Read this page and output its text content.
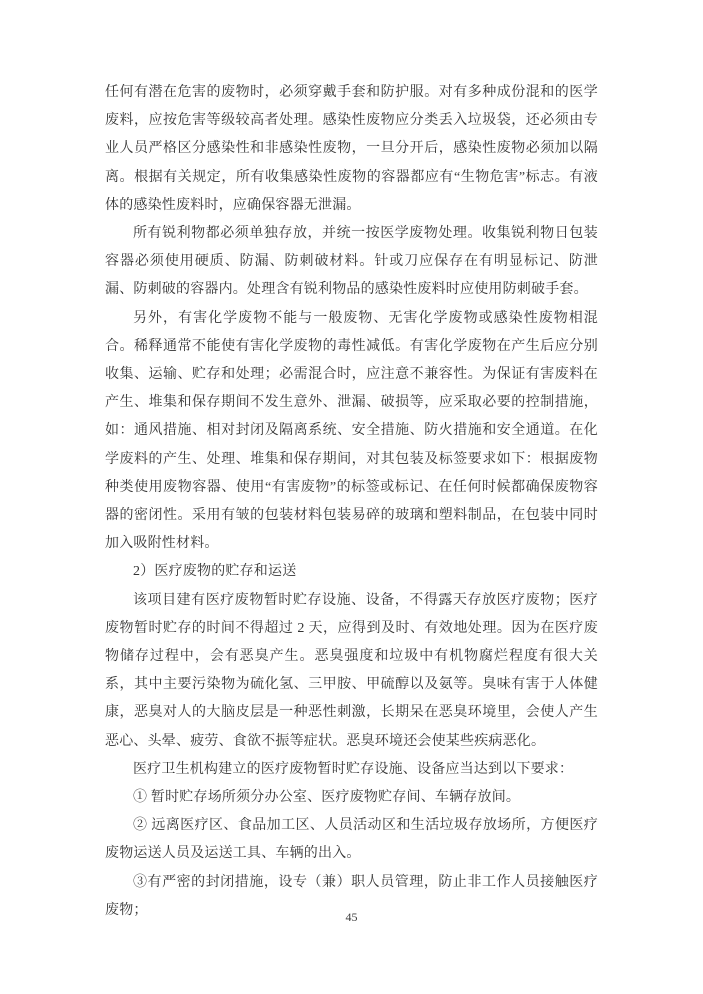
任何有潜在危害的废物时，必须穿戴手套和防护服。对有多种成份混和的医学废料，应按危害等级较高者处理。感染性废物应分类丢入垃圾袋，还必须由专业人员严格区分感染性和非感染性废物，一旦分开后，感染性废物必须加以隔离。根据有关规定，所有收集感染性废物的容器都应有“生物危害”标志。有液体的感染性废料时，应确保容器无泄漏。

所有锐利物都必须单独存放，并统一按医学废物处理。收集锐利物日包装容器必须使用硬质、防漏、防刺破材料。针或刀应保存在有明显标记、防泄漏、防刺破的容器内。处理含有锐利物品的感染性废料时应使用防刺破手套。

另外，有害化学废物不能与一般废物、无害化学废物或感染性废物相混合。稀释通常不能使有害化学废物的毒性减低。有害化学废物在产生后应分别收集、运输、贮存和处理；必需混合时，应注意不兼容性。为保证有害废料在产生、堆集和保存期间不发生意外、泄漏、破损等，应采取必要的控制措施，如：通风措施、相对封闭及隔离系统、安全措施、防火措施和安全通道。在化学废料的产生、处理、堆集和保存期间，对其包装及标签要求如下：根据废物种类使用废物容器、使用“有害废物”的标签或标记、在任何时候都确保废物容器的密闭性。采用有皱的包装材料包装易碎的玻璃和塑料制品，在包装中同时加入吸附性材料。

2）医疗废物的贮存和运送

该项目建有医疗废物暂时贮存设施、设备，不得露天存放医疗废物；医疗废物暂时贮存的时间不得超过 2 天，应得到及时、有效地处理。因为在医疗废物储存过程中，会有恶臭产生。恶臭强度和垃圾中有机物腐烂程度有很大关系，其中主要污染物为硫化氢、三甲胺、甲硫醇以及氨等。臭味有害于人体健康，恶臭对人的大脑皮层是一种恶性刺激，长期呆在恶臭环境里，会使人产生恶心、头晕、疲劳、食欲不振等症状。恶臭环境还会使某些疾病恶化。

医疗卫生机构建立的医疗废物暂时贮存设施、设备应当达到以下要求：

① 暂时贮存场所须分办公室、医疗废物贮存间、车辆存放间。

② 远离医疗区、食品加工区、人员活动区和生活垃圾存放场所，方便医疗废物运送人员及运送工具、车辆的出入。

③有严密的封闭措施，设专（兼）职人员管理，防止非工作人员接触医疗废物；	45
